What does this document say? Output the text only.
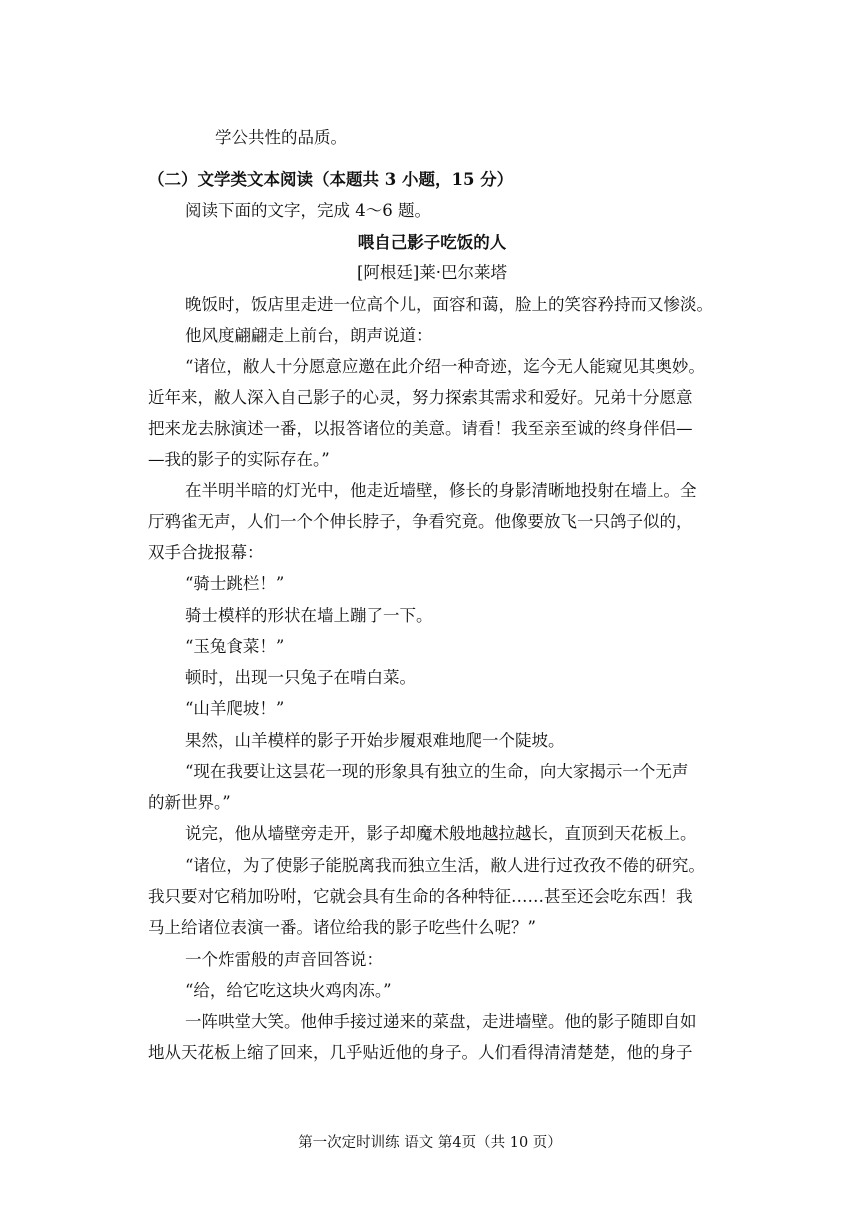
学公共性的品质。
（二）文学类文本阅读（本题共 3 小题，15 分）
阅读下面的文字，完成 4～6 题。
喂自己影子吃饭的人
[阿根廷]莱·巴尔莱塔
晚饭时，饭店里走进一位高个儿，面容和蔼，脸上的笑容矜持而又惨淡。
他风度翩翩走上前台，朗声说道：
“诸位，敝人十分愿意应邀在此介绍一种奇迹，迄今无人能窥见其奥妙。
近年来，敝人深入自己影子的心灵，努力探索其需求和爱好。兄弟十分愿意
把来龙去脉演述一番，以报答诸位的美意。请看！我至亲至诚的终身伴侣—
—我的影子的实际存在。”
在半明半暗的灯光中，他走近墙壁，修长的身影清晰地投射在墙上。全
厅鸦雀无声，人们一个个伸长脖子，争看究竟。他像要放飞一只鸽子似的，
双手合拢报幕：
“骑士跳栏！”
骑士模样的形状在墙上蹦了一下。
“玉兔食菜！”
顿时，出现一只兔子在啃白菜。
“山羊爬坡！”
果然，山羊模样的影子开始步履艰难地爬一个陡坡。
“现在我要让这昙花一现的形象具有独立的生命，向大家揭示一个无声
的新世界。”
说完，他从墙壁旁走开，影子却魔术般地越拉越长，直顶到天花板上。
“诸位，为了使影子能脱离我而独立生活，敝人进行过孜孜不倦的研究。
我只要对它稍加吩咐，它就会具有生命的各种特征……甚至还会吃东西！我
马上给诸位表演一番。诸位给我的影子吃些什么呢？”
一个炸雷般的声音回答说：
“给，给它吃这块火鸡肉冻。”
一阵哄堂大笑。他伸手接过递来的菜盘，走进墙壁。他的影子随即自如
地从天花板上缩了回来，几乎贴近他的身子。人们看得清清楚楚，他的身子
第一次定时训练 语文 第4页（共 10 页）
